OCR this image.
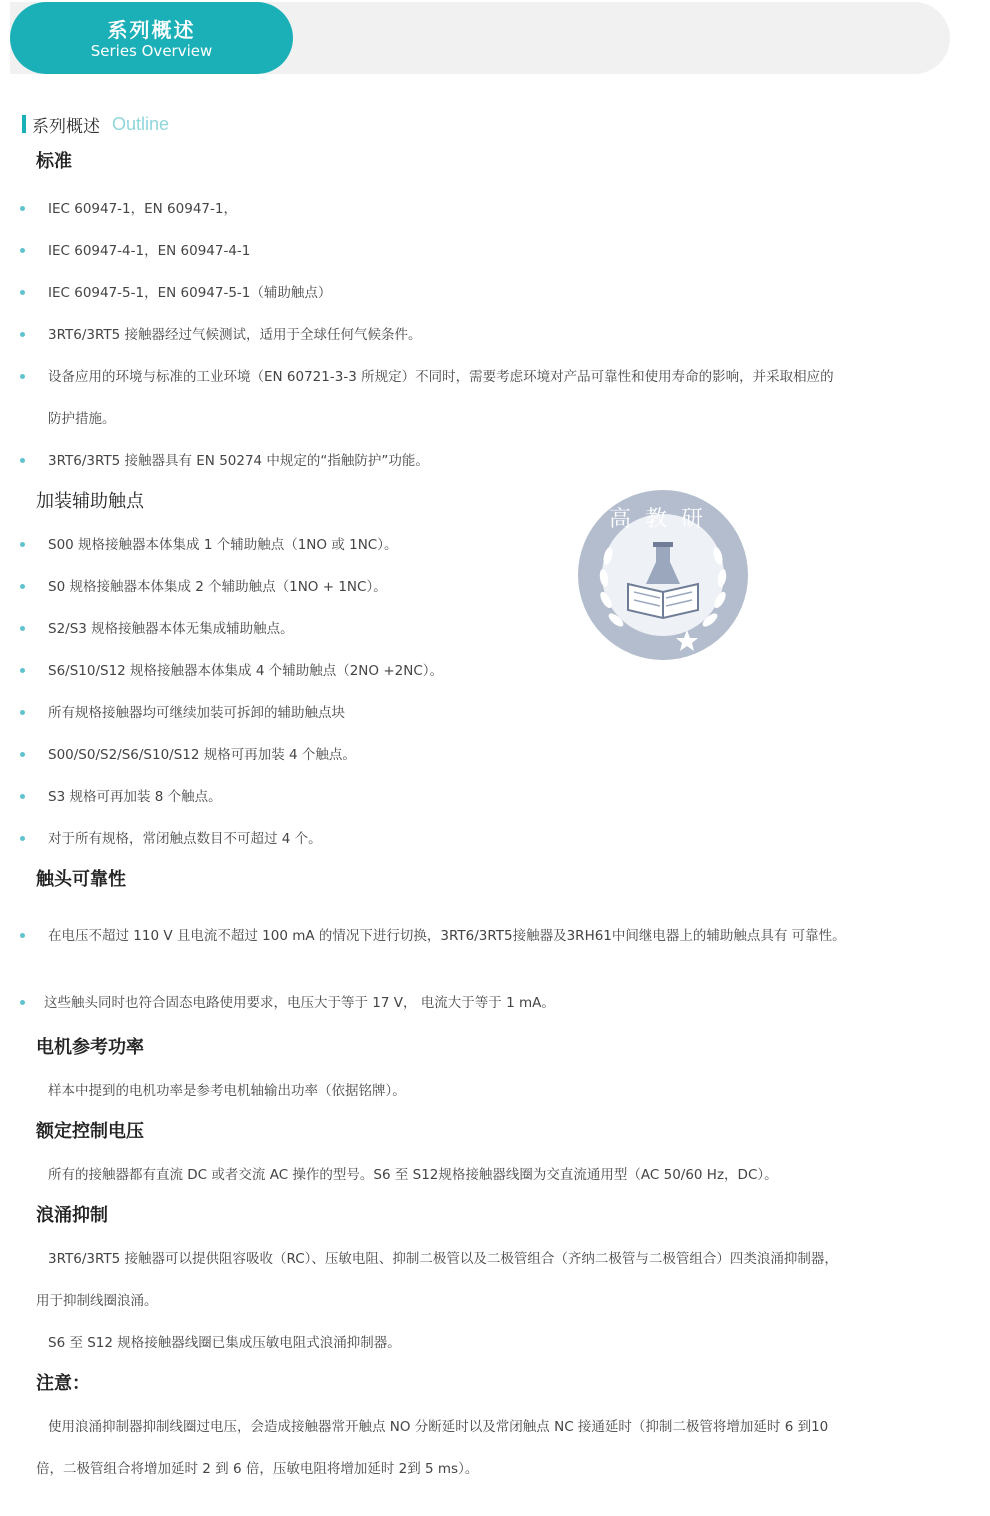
系列概述
Series Overview
系列概述 Outline
标准
IEC 60947-1，EN 60947-1，
IEC 60947-4-1，EN 60947-4-1
IEC 60947-5-1，EN 60947-5-1（辅助触点）
3RT6/3RT5 接触器经过气候测试，适用于全球任何气候条件。
设备应用的环境与标准的工业环境（EN 60721-3-3 所规定）不同时，需要考虑环境对产品可靠性和使用寿命的影响，并采取相应的
防护措施。
3RT6/3RT5 接触器具有 EN 50274 中规定的“指触防护”功能。
加装辅助触点
S00 规格接触器本体集成 1 个辅助触点（1NO 或 1NC）。
S0 规格接触器本体集成 2 个辅助触点（1NO + 1NC）。
S2/S3 规格接触器本体无集成辅助触点。
S6/S10/S12 规格接触器本体集成 4 个辅助触点（2NO +2NC）。
所有规格接触器均可继续加装可拆卸的辅助触点块
S00/S0/S2/S6/S10/S12 规格可再加装 4 个触点。
S3 规格可再加装 8 个触点。
对于所有规格，常闭触点数目不可超过 4 个。
触头可靠性
在电压不超过 110 V 且电流不超过 100 mA 的情况下进行切换，3RT6/3RT5接触器及3RH61中间继电器上的辅助触点具有 可靠性。
这些触头同时也符合固态电路使用要求，电压大于等于 17 V， 电流大于等于 1 mA。
电机参考功率
样本中提到的电机功率是参考电机轴输出功率（依据铭牌）。
额定控制电压
所有的接触器都有直流 DC 或者交流 AC 操作的型号。S6 至 S12规格接触器线圈为交直流通用型（AC 50/60 Hz，DC）。
浪涌抑制
3RT6/3RT5 接触器可以提供阻容吸收（RC）、压敏电阻、抑制二极管以及二极管组合（齐纳二极管与二极管组合）四类浪涌抑制器，
用于抑制线圈浪涌。
S6 至 S12 规格接触器线圈已集成压敏电阻式浪涌抑制器。
注意：
使用浪涌抑制器抑制线圈过电压，会造成接触器常开触点 NO 分断延时以及常闭触点 NC 接通延时（抑制二极管将增加延时 6 到10
倍，二极管组合将增加延时 2 到 6 倍，压敏电阻将增加延时 2到 5 ms）。
高教研
